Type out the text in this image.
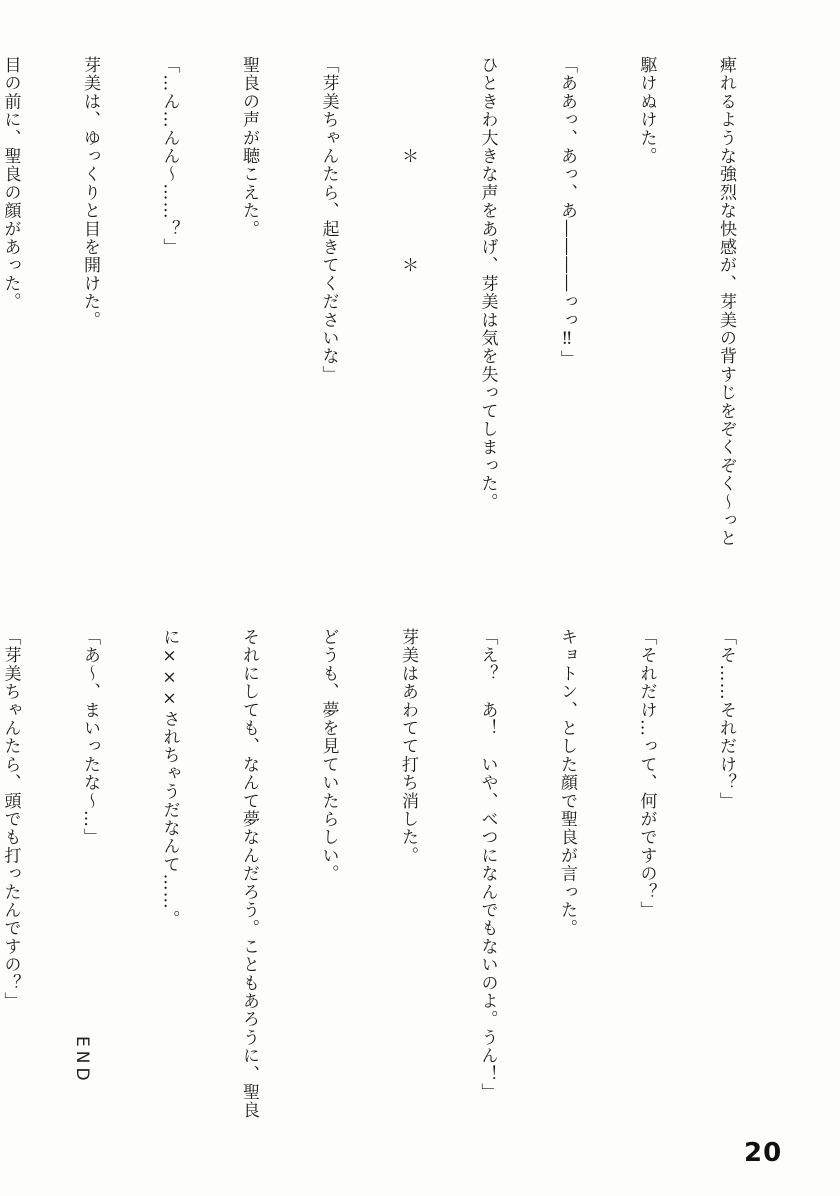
痺れるような強烈な快感が、芽美の背すじをぞくぞく〜っと

駆けぬけた。

「ああっ、あっ、あ――――っっ‼」

ひときわ大きな声をあげ、芽美は気を失ってしまった。

　　　　　＊　　　　　＊

「芽美ちゃんたら、起きてくださいな」

聖良の声が聴こえた。

「…ん…んん〜……？」

芽美は、ゆっくりと目を開けた。

目の前に、聖良の顔があった。

「そ……それだけ？」

「それだけ…って、何がですの？」

キョトン、とした顔で聖良が言った。

「え？　あ！　いや、べつになんでもないのよ。うん！」

芽美はあわてて打ち消した。

どうも、夢を見ていたらしい。

それにしても、なんて夢なんだろう。こともあろうに、聖良

に×××されちゃうだなんて……。

「あ〜、まいったな〜…」

「芽美ちゃんたら、頭でも打ったんですの？」

END
20
